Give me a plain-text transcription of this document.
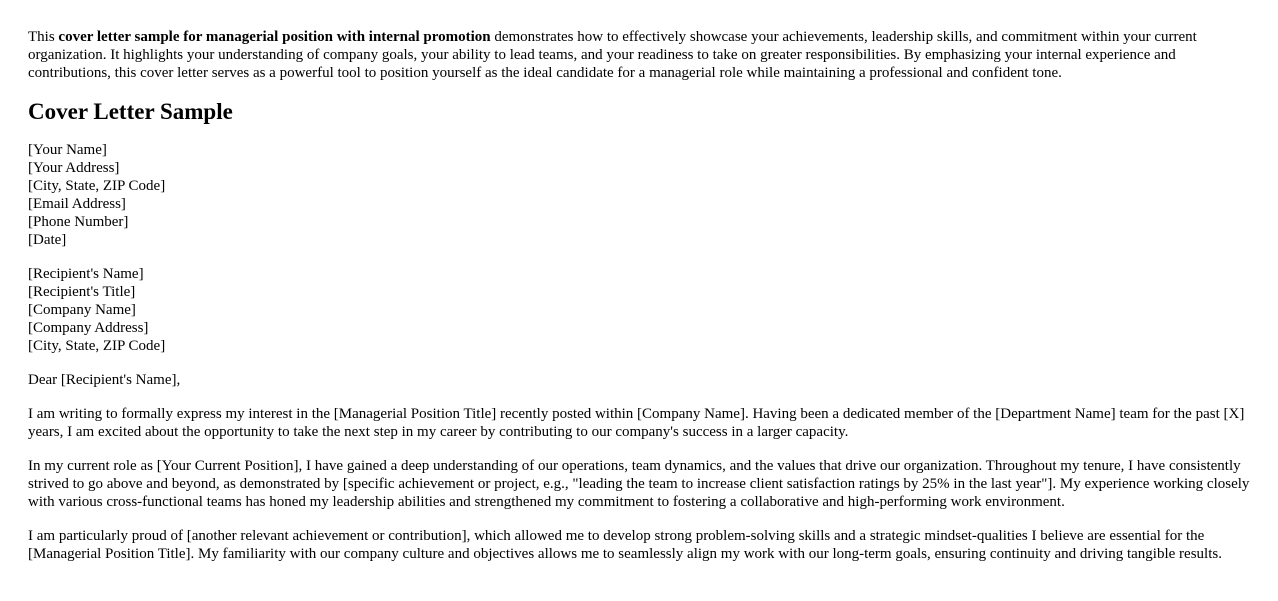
This cover letter sample for managerial position with internal promotion demonstrates how to effectively showcase your achievements, leadership skills, and commitment within your current organization. It highlights your understanding of company goals, your ability to lead teams, and your readiness to take on greater responsibilities. By emphasizing your internal experience and contributions, this cover letter serves as a powerful tool to position yourself as the ideal candidate for a managerial role while maintaining a professional and confident tone.

Cover Letter Sample
[Your Name]
[Your Address]
[City, State, ZIP Code]
[Email Address]
[Phone Number]
[Date]
[Recipient's Name]
[Recipient's Title]
[Company Name]
[Company Address]
[City, State, ZIP Code]

Dear [Recipient's Name],

I am writing to formally express my interest in the [Managerial Position Title] recently posted within [Company Name]. Having been a dedicated member of the [Department Name] team for the past [X] years, I am excited about the opportunity to take the next step in my career by contributing to our company's success in a larger capacity.

In my current role as [Your Current Position], I have gained a deep understanding of our operations, team dynamics, and the values that drive our organization. Throughout my tenure, I have consistently strived to go above and beyond, as demonstrated by [specific achievement or project, e.g., "leading the team to increase client satisfaction ratings by 25% in the last year"]. My experience working closely with various cross-functional teams has honed my leadership abilities and strengthened my commitment to fostering a collaborative and high-performing work environment.

I am particularly proud of [another relevant achievement or contribution], which allowed me to develop strong problem-solving skills and a strategic mindset-qualities I believe are essential for the [Managerial Position Title]. My familiarity with our company culture and objectives allows me to seamlessly align my work with our long-term goals, ensuring continuity and driving tangible results.
